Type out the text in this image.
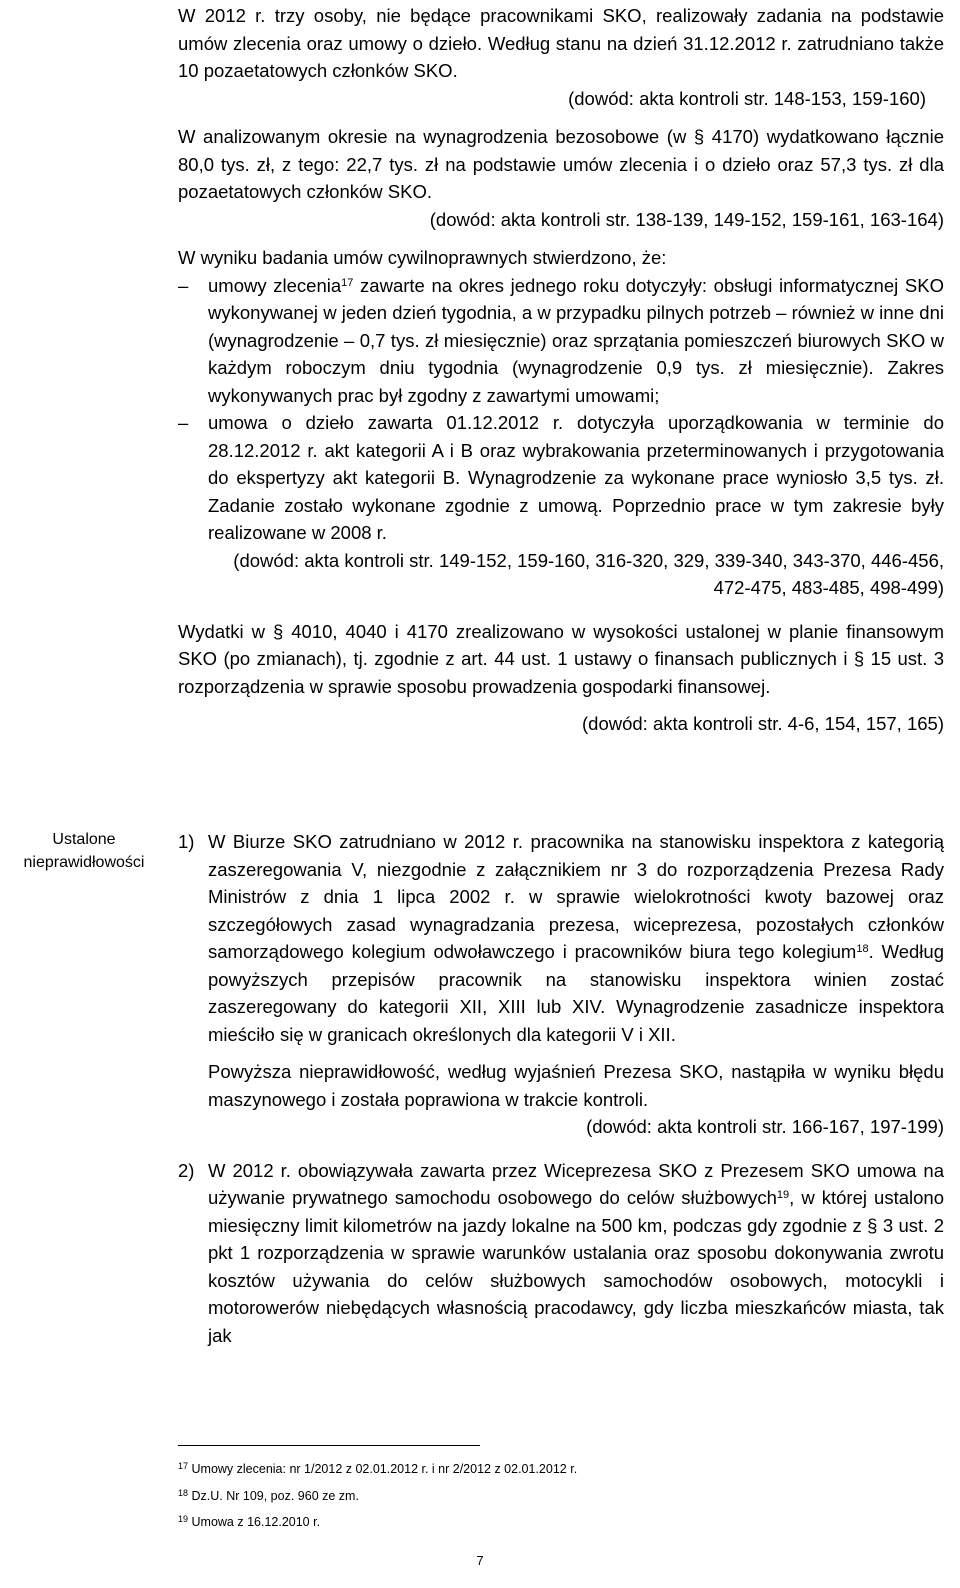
W 2012 r. trzy osoby, nie będące pracownikami SKO, realizowały zadania na podstawie umów zlecenia oraz umowy o dzieło. Według stanu na dzień 31.12.2012 r. zatrudniano także 10 pozaetatowych członków SKO.

(dowód: akta kontroli str. 148-153, 159-160)

W analizowanym okresie na wynagrodzenia bezosobowe (w § 4170) wydatkowano łącznie 80,0 tys. zł, z tego: 22,7 tys. zł na podstawie umów zlecenia i o dzieło oraz 57,3 tys. zł dla pozaetatowych członków SKO.

(dowód: akta kontroli str. 138-139, 149-152, 159-161, 163-164)

W wyniku badania umów cywilnoprawnych stwierdzono, że:

– umowy zlecenia$^{17}$ zawarte na okres jednego roku dotyczyły: obsługi informatycznej SKO wykonywanej w jeden dzień tygodnia, a w przypadku pilnych potrzeb – również w inne dni (wynagrodzenie – 0,7 tys. zł miesięcznie) oraz sprzątania pomieszczeń biurowych SKO w każdym roboczym dniu tygodnia (wynagrodzenie 0,9 tys. zł miesięcznie). Zakres wykonywanych prac był zgodny z zawartymi umowami;
– umowa o dzieło zawarta 01.12.2012 r. dotyczyła uporządkowania w terminie do 28.12.2012 r. akt kategorii A i B oraz wybrakowania przeterminowanych i przygotowania do ekspertyzy akt kategorii B. Wynagrodzenie za wykonane prace wyniosło 3,5 tys. zł. Zadanie zostało wykonane zgodnie z umową. Poprzednio prace w tym zakresie były realizowane w 2008 r.

(dowód: akta kontroli str. 149-152, 159-160, 316-320, 329, 339-340, 343-370, 446-456, 472-475, 483-485, 498-499)

Wydatki w § 4010, 4040 i 4170 zrealizowano w wysokości ustalonej w planie finansowym SKO (po zmianach), tj. zgodnie z art. 44 ust. 1 ustawy o finansach publicznych i § 15 ust. 3 rozporządzenia w sprawie sposobu prowadzenia gospodarki finansowej.

(dowód: akta kontroli str. 4-6, 154, 157, 165)

Ustalone
nieprawidłowości
1) W Biurze SKO zatrudniano w 2012 r. pracownika na stanowisku inspektora z kategorią zaszeregowania V, niezgodnie z załącznikiem nr 3 do rozporządzenia Prezesa Rady Ministrów z dnia 1 lipca 2002 r. w sprawie wielokrotności kwoty bazowej oraz szczegółowych zasad wynagradzania prezesa, wiceprezesa, pozostałych członków samorządowego kolegium odwoławczego i pracowników biura tego kolegium$^{18}$. Według powyższych przepisów pracownik na stanowisku inspektora winien zostać zaszeregowany do kategorii XII, XIII lub XIV. Wynagrodzenie zasadnicze inspektora mieściło się w granicach określonych dla kategorii V i XII.

Powyższa nieprawidłowość, według wyjaśnień Prezesa SKO, nastąpiła w wyniku błędu maszynowego i została poprawiona w trakcie kontroli.

(dowód: akta kontroli str. 166-167, 197-199)

2) W 2012 r. obowiązywała zawarta przez Wiceprezesa SKO z Prezesem SKO umowa na używanie prywatnego samochodu osobowego do celów służbowych$^{19}$, w której ustalono miesięczny limit kilometrów na jazdy lokalne na 500 km, podczas gdy zgodnie z § 3 ust. 2 pkt 1 rozporządzenia w sprawie warunków ustalania oraz sposobu dokonywania zwrotu kosztów używania do celów służbowych samochodów osobowych, motocykli i motorowerów niebędących własnością pracodawcy, gdy liczba mieszkańców miasta, tak jak
$^{17}$ Umowy zlecenia: nr 1/2012 z 02.01.2012 r. i nr 2/2012 z 02.01.2012 r.
$^{18}$ Dz.U. Nr 109, poz. 960 ze zm.
$^{19}$ Umowa z 16.12.2010 r.
7
